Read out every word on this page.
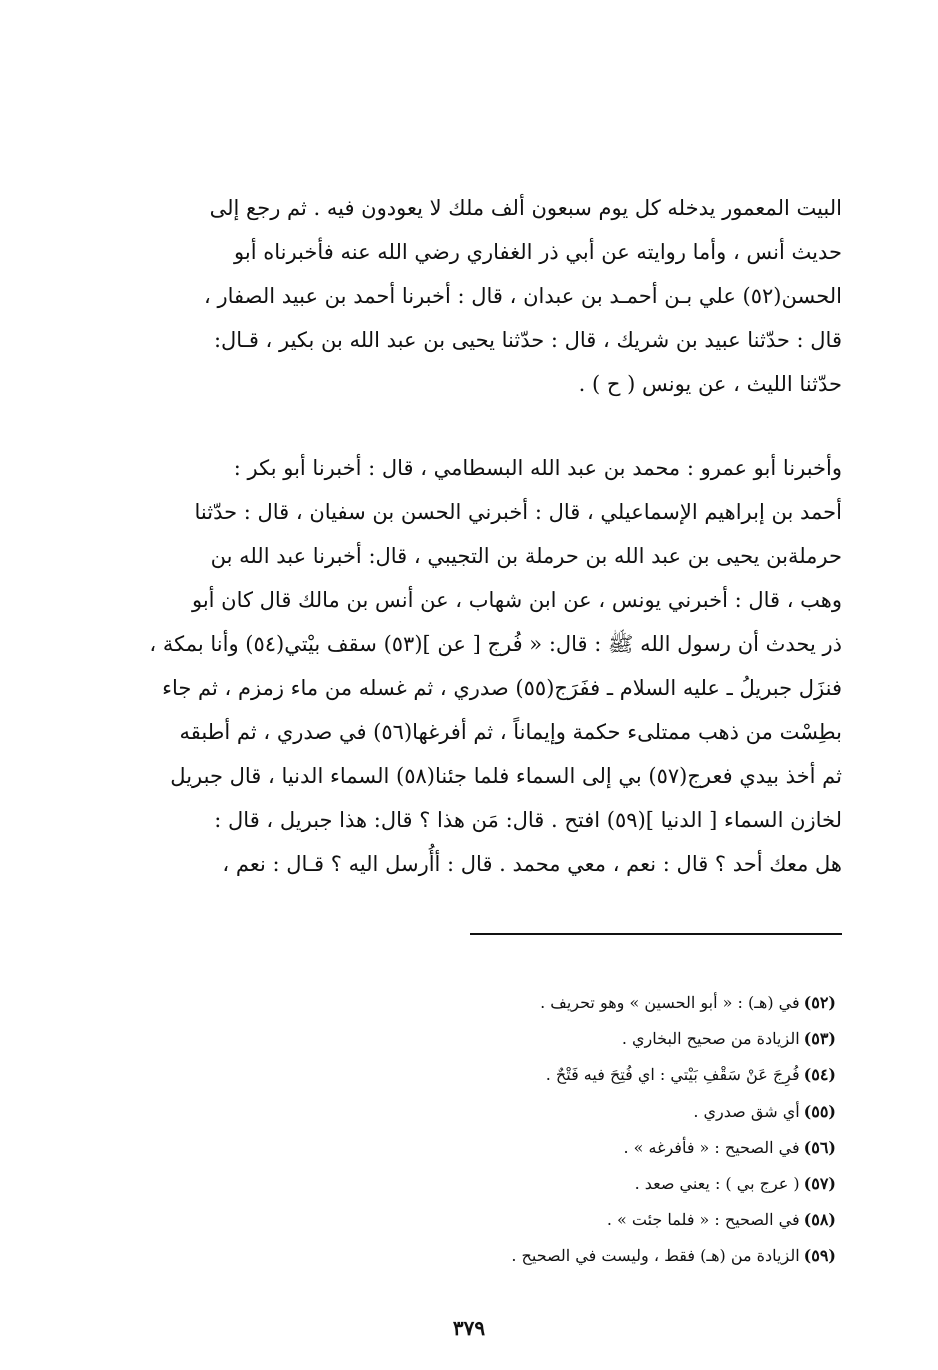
البيت المعمور يدخله كل يوم سبعون ألف ملك لا يعودون فيه . ثم رجع إلى
حديث أنس ، وأما روايته عن أبي ذر الغفاري رضي الله عنه فأخبرناه أبو
الحسن(٥٢) علي بـن أحمـد بن عبدان ، قال : أخبرنا أحمد بن عبيد الصفار ،
قال : حدّثنا عبيد بن شريك ، قال : حدّثنا يحيى بن عبد الله بن بكير ، قـال:
حدّثنا الليث ، عن يونس ( ح ) .
وأخبرنا أبو عمرو : محمد بن عبد الله البسطامي ، قال : أخبرنا أبو بكر :
أحمد بن إبراهيم الإسماعيلي ، قال : أخبرني الحسن بن سفيان ، قال : حدّثنا
حرملةبن يحيى بن عبد الله بن حرملة بن التجيبي ، قال: أخبرنا عبد الله بن
وهب ، قال : أخبرني يونس ، عن ابن شهاب ، عن أنس بن مالك قال كان أبو
ذر يحدث أن رسول الله ﷺ : قال: « فُرج [ عن ](٥٣) سقف بيْتي(٥٤) وأنا بمكة ،
فنزَل جبريلُ ـ عليه السلام ـ ففَرَج(٥٥) صدري ، ثم غسله من ماء زمزم ، ثم جاء
بطِسْت من ذهب ممتلىء حكمة وإيماناً ، ثم أفرغها(٥٦) في صدري ، ثم أطبقه
ثم أخذ بيدي فعرج(٥٧) بي إلى السماء فلما جئنا(٥٨) السماء الدنيا ، قال جبريل
لخازن السماء [ الدنيا ](٥٩) افتح . قال: مَن هذا ؟ قال: هذا جبريل ، قال :
هل معك أحد ؟ قال : نعم ، معي محمد . قال : أأُرسل اليه ؟ قـال : نعم ،
(٥٢)في (هـ) : « أبو الحسين » وهو تحريف .
(٥٣)الزيادة من صحيح البخاري .
(٥٤)فُرِجَ عَنْ سَقْفِ بَيْتي : اي فُتِحَ فيه فَتْحٌ .
(٥٥)أي شق صدري .
(٥٦)في الصحيح : « فأفرغه » .
(٥٧)( عرج بي ) : يعني صعد .
(٥٨)في الصحيح : « فلما جئت » .
(٥٩)الزيادة من (هـ) فقط ، وليست في الصحيح .
٣٧٩
